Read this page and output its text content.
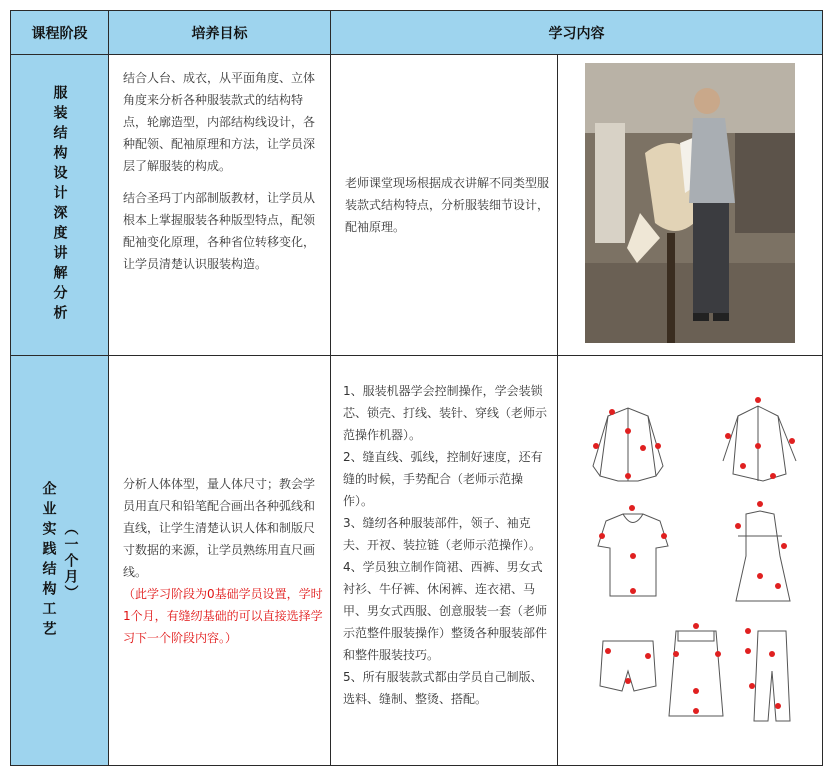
课程阶段	培养目标	学习内容
服装结构设计深度讲解分析

结合人台、成衣，从平面角度、立体角度来分析各种服装款式的结构特点，轮廓造型，内部结构线设计，各种配领、配袖原理和方法，让学员深层了解服装的构成。

结合圣玛丁内部制版教材，让学员从根本上掌握服装各种版型特点，配领配袖变化原理，各种省位转移变化，让学员清楚认识服装构造。

老师课堂现场根据成衣讲解不同类型服装款式结构特点，分析服装细节设计，配袖原理。
企业实践结构工艺 （一个月）
分析人体体型，量人体尺寸；教会学员用直尺和铅笔配合画出各种弧线和直线，让学生清楚认识人体和制版尺寸数据的来源，让学员熟练用直尺画线。
（此学习阶段为0基础学员设置，学时1个月，有缝纫基础的可以直接选择学习下一个阶段内容。）
1、服装机器学会控制操作，学会装锁芯、锁壳、打线、装针、穿线（老师示范操作机器）。
2、缝直线、弧线，控制好速度，还有缝的时候，手势配合（老师示范操作）。
3、缝纫各种服装部件，领子、袖克夫、开衩、装拉链（老师示范操作）。
4、学员独立制作筒裙、西裤、男女式衬衫、牛仔裤、休闲裤、连衣裙、马甲、男女式西服、创意服装一套（老师示范整件服装操作）整烫各种服装部件和整件服装技巧。
5、所有服装款式都由学员自己制版、选料、缝制、整烫、搭配。
